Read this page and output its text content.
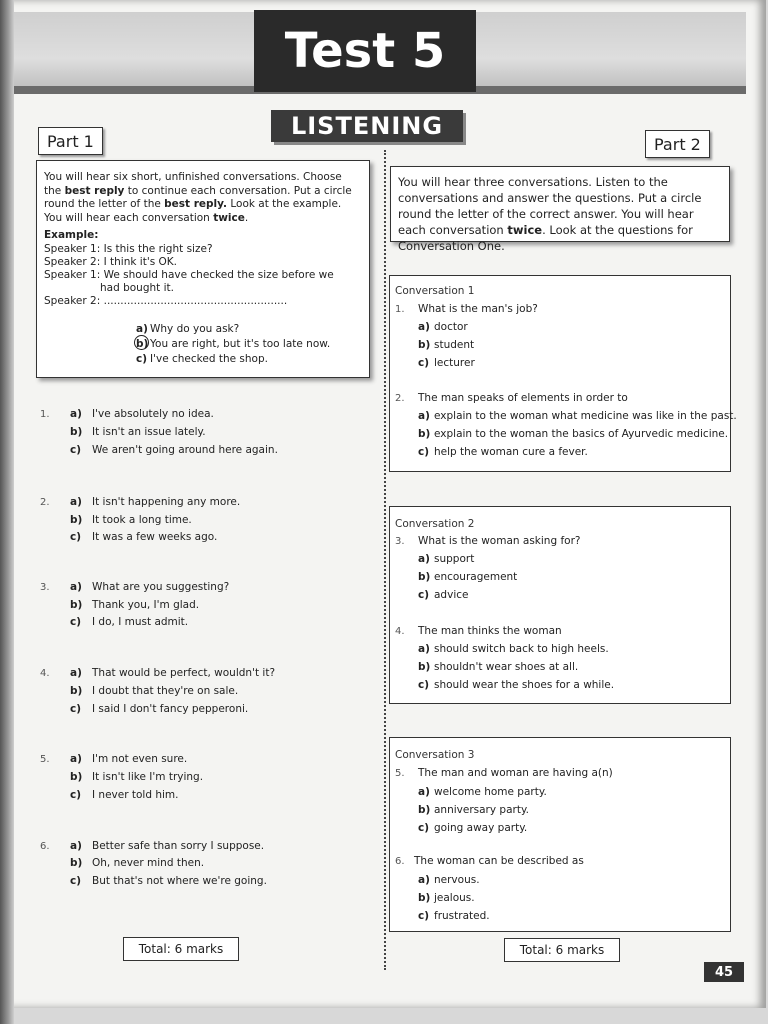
Test 5
LISTENING
Part 1
You will hear six short, unfinished conversations. Choose the best reply to continue each conversation. Put a circle round the letter of the best reply. Look at the example. You will hear each conversation twice.
Example:
Speaker 1: Is this the right size?
Speaker 2: I think it's OK.
Speaker 1: We should have checked the size before we
had bought it.
Speaker 2: .......................................................
a) Why do you ask?
b) You are right, but it's too late now.
c) I've checked the shop.
1.	a) I've absolutely no idea.
b) It isn't an issue lately.
c) We aren't going around here again.
2.	a) It isn't happening any more.
b) It took a long time.
c) It was a few weeks ago.
3.	a) What are you suggesting?
b) Thank you, I'm glad.
c) I do, I must admit.
4.	a) That would be perfect, wouldn't it?
b) I doubt that they're on sale.
c) I said I don't fancy pepperoni.
5.	a) I'm not even sure.
b) It isn't like I'm trying.
c) I never told him.
6.	a) Better safe than sorry I suppose.
b) Oh, never mind then.
c) But that's not where we're going.
Total: 6 marks
Part 2
You will hear three conversations. Listen to the conversations and answer the questions. Put a circle round the letter of the correct answer. You will hear each conversation twice. Look at the questions for Conversation One.
Conversation 1
1.	What is the man's job?
a) doctor
b) student
c) lecturer
2.	The man speaks of elements in order to
a) explain to the woman what medicine was like in the past.
b) explain to the woman the basics of Ayurvedic medicine.
c) help the woman cure a fever.
Conversation 2
3.	What is the woman asking for?
a) support
b) encouragement
c) advice
4.	The man thinks the woman
a) should switch back to high heels.
b) shouldn't wear shoes at all.
c) should wear the shoes for a while.
Conversation 3
5.	The man and woman are having a(n)
a) welcome home party.
b) anniversary party.
c) going away party.
6. The woman can be described as
a) nervous.
b) jealous.
c) frustrated.
Total: 6 marks
45
